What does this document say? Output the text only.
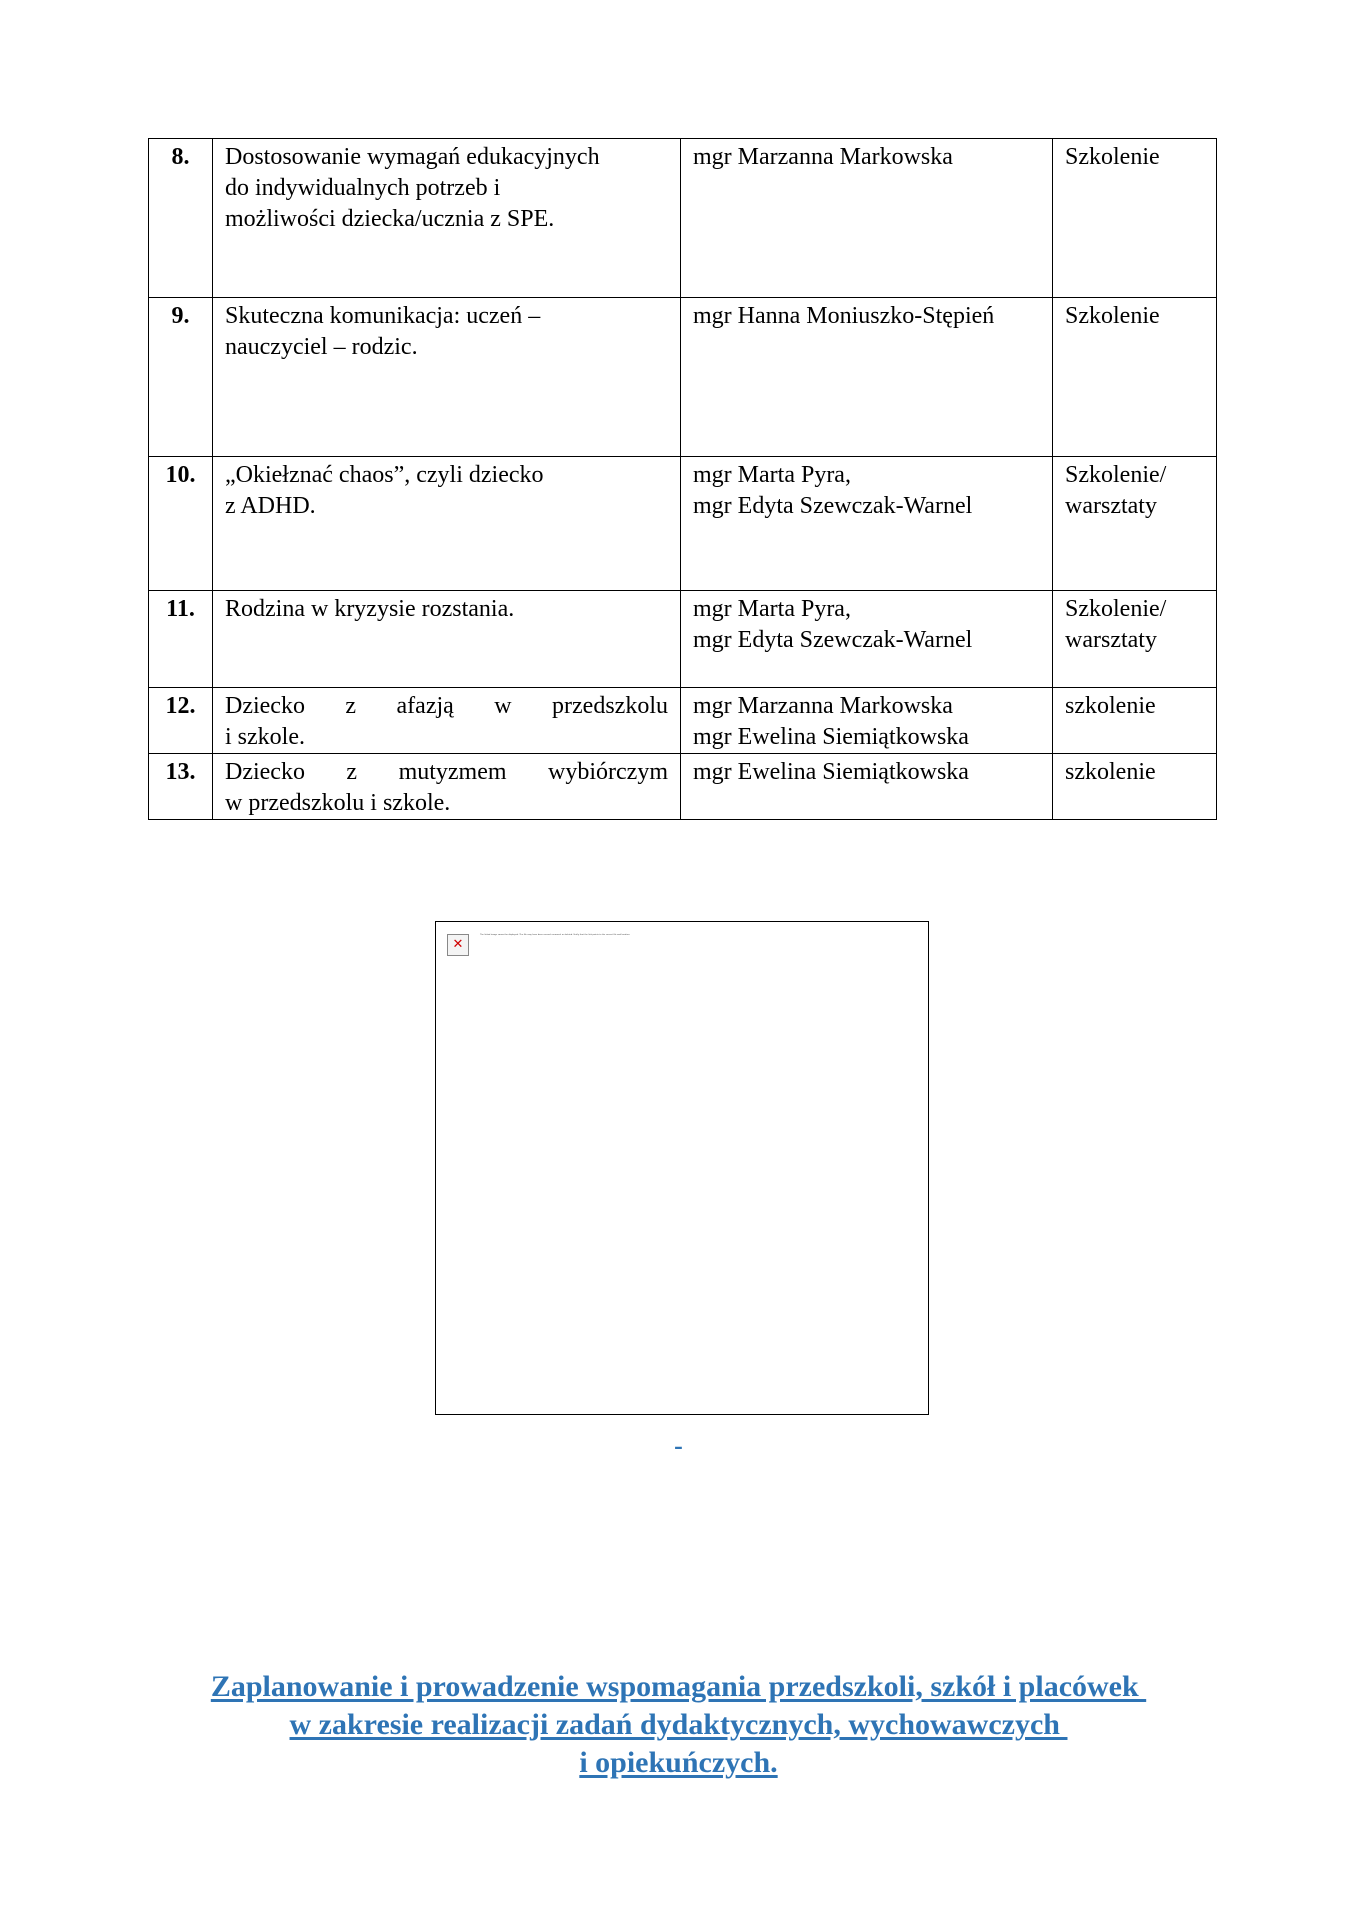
8.	Dostosowanie wymagań edukacyjnych
do indywidualnych potrzeb i
możliwości dziecka/ucznia z SPE.	mgr Marzanna Markowska	Szkolenie

9.	Skuteczna komunikacja: uczeń –
nauczyciel – rodzic.	mgr Hanna Moniuszko-Stępień	Szkolenie

10.	„Okiełznać chaos”, czyli dziecko
z ADHD.	mgr Marta Pyra,
mgr Edyta Szewczak-Warnel	Szkolenie/
warsztaty

11.	Rodzina w kryzysie rozstania.	mgr Marta Pyra,
mgr Edyta Szewczak-Warnel	Szkolenie/
warsztaty

12.	Dziecko z afazją w przedszkolu
i szkole.	mgr Marzanna Markowska
mgr Ewelina Siemiątkowska	szkolenie

13.	Dziecko z mutyzmem wybiórczym
w przedszkolu i szkole.	mgr Ewelina Siemiątkowska	szkolenie
✕
The linked image cannot be displayed. The file may have been moved, renamed, or deleted. Verify that the link points to the correct file and location.
-
Zaplanowanie i prowadzenie wspomagania przedszkoli, szkół i placówek
w zakresie realizacji zadań dydaktycznych, wychowawczych
i opiekuńczych.
